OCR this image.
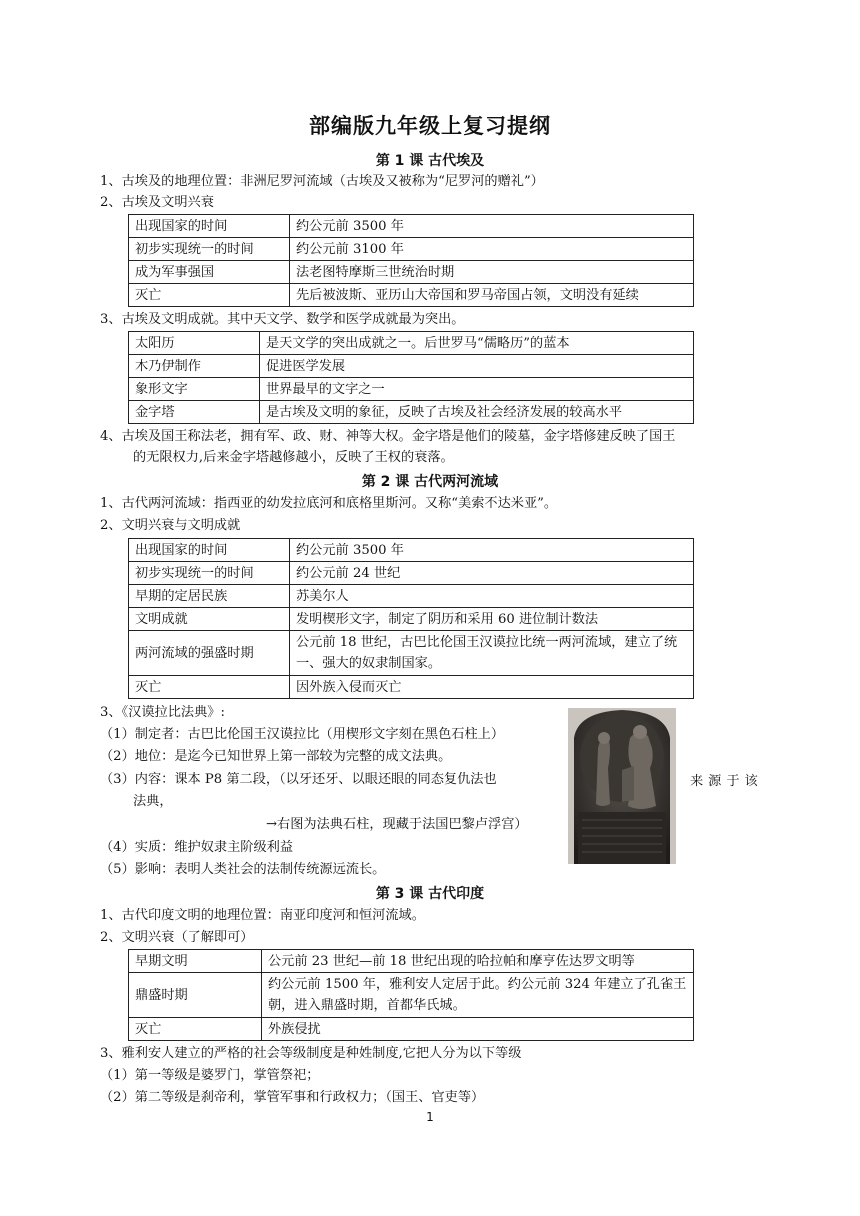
部编版九年级上复习提纲
第 1 课 古代埃及
1、古埃及的地理位置：非洲尼罗河流域（古埃及又被称为“尼罗河的赠礼”）
2、古埃及文明兴衰
出现国家的时间	约公元前 3500 年
初步实现统一的时间	约公元前 3100 年
成为军事强国	法老图特摩斯三世统治时期
灭亡	先后被波斯、亚历山大帝国和罗马帝国占领，文明没有延续
3、古埃及文明成就。其中天文学、数学和医学成就最为突出。
太阳历	是天文学的突出成就之一。后世罗马“儒略历”的蓝本
木乃伊制作	促进医学发展
象形文字	世界最早的文字之一
金字塔	是古埃及文明的象征，反映了古埃及社会经济发展的较高水平
4、古埃及国王称法老，拥有军、政、财、神等大权。金字塔是他们的陵墓，金字塔修建反映了国王
的无限权力,后来金字塔越修越小，反映了王权的衰落。
第 2 课 古代两河流域
1、古代两河流域：指西亚的幼发拉底河和底格里斯河。又称“美索不达米亚”。
2、文明兴衰与文明成就
出现国家的时间	约公元前 3500 年
初步实现统一的时间	约公元前 24 世纪
早期的定居民族	苏美尔人
文明成就	发明楔形文字，制定了阴历和采用 60 进位制计数法
两河流域的强盛时期	公元前 18 世纪，古巴比伦国王汉谟拉比统一两河流域，建立了统一、强大的奴隶制国家。
灭亡	因外族入侵而灭亡
3、《汉谟拉比法典》:
（1）制定者：古巴比伦国王汉谟拉比（用楔形文字刻在黑色石柱上）
（2）地位：是迄今已知世界上第一部较为完整的成文法典。
（3）内容：课本 P8 第二段，（以牙还牙、以眼还眼的同态复仇法也	来源于该
法典，
→右图为法典石柱，现藏于法国巴黎卢浮宫）
（4）实质：维护奴隶主阶级利益
（5）影响：表明人类社会的法制传统源远流长。
第 3 课 古代印度
1、古代印度文明的地理位置：南亚印度河和恒河流域。
2、文明兴衰（了解即可）
早期文明	公元前 23 世纪—前 18 世纪出现的哈拉帕和摩亨佐达罗文明等
鼎盛时期	约公元前 1500 年，雅利安人定居于此。约公元前 324 年建立了孔雀王朝，进入鼎盛时期，首都华氏城。
灭亡	外族侵扰
3、雅利安人建立的严格的社会等级制度是种姓制度,它把人分为以下等级
（1）第一等级是婆罗门，掌管祭祀；
（2）第二等级是刹帝利，掌管军事和行政权力；（国王、官吏等）
1
